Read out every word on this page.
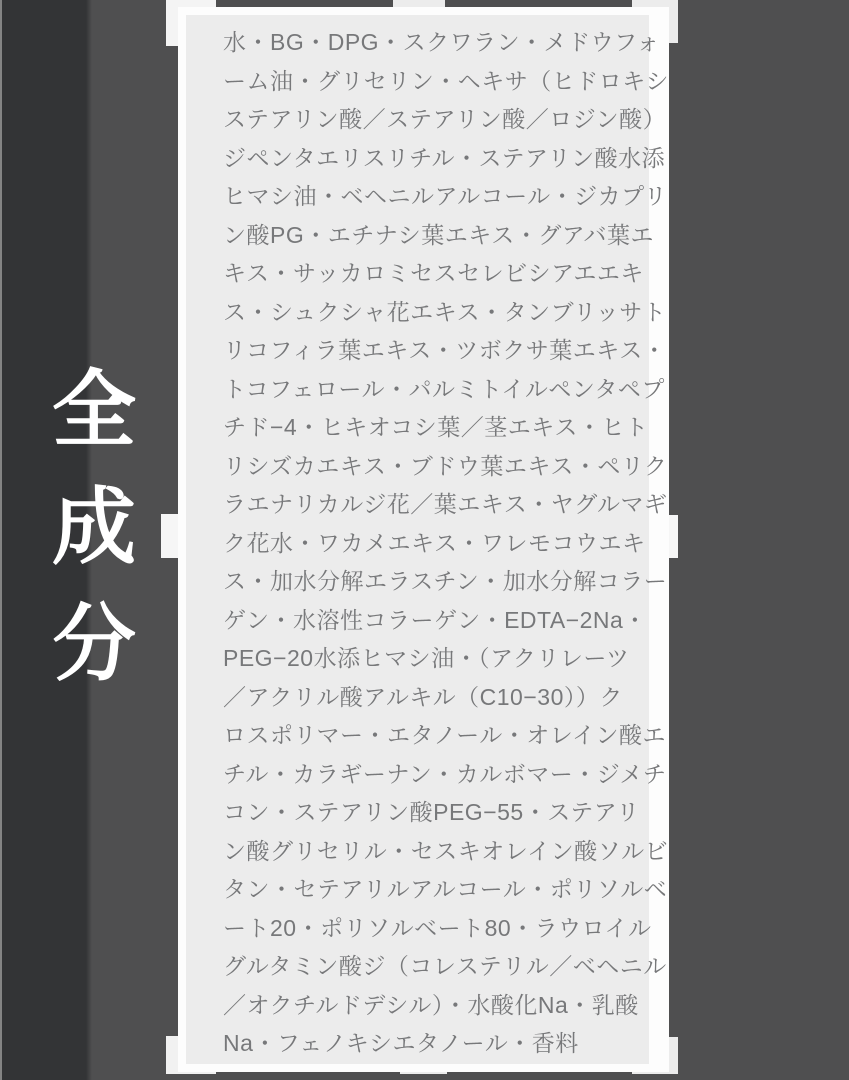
全
成
分
水・BG・DPG・スクワラン・メドウフォ
ーム油・グリセリン・ヘキサ（ヒドロキシ
ステアリン酸／ステアリン酸／ロジン酸）
ジペンタエリスリチル・ステアリン酸水添
ヒマシ油・ベヘニルアルコール・ジカプリ
ン酸PG・エチナシ葉エキス・グアバ葉エ
キス・サッカロミセスセレビシアエエキ
ス・シュクシャ花エキス・タンブリッサト
リコフィラ葉エキス・ツボクサ葉エキス・
トコフェロール・パルミトイルペンタペプ
チド−4・ヒキオコシ葉／茎エキス・ヒト
リシズカエキス・ブドウ葉エキス・ペリク
ラエナリカルジ花／葉エキス・ヤグルマギ
ク花水・ワカメエキス・ワレモコウエキ
ス・加水分解エラスチン・加水分解コラー
ゲン・水溶性コラーゲン・EDTA−2Na・
PEG−20水添ヒマシ油・（アクリレーツ
／アクリル酸アルキル（C10−30））ク
ロスポリマー・エタノール・オレイン酸エ
チル・カラギーナン・カルボマー・ジメチ
コン・ステアリン酸PEG−55・ステアリ
ン酸グリセリル・セスキオレイン酸ソルビ
タン・セテアリルアルコール・ポリソルベ
ート20・ポリソルベート80・ラウロイル
グルタミン酸ジ（コレステリル／ベヘニル
／オクチルドデシル）・水酸化Na・乳酸
Na・フェノキシエタノール・香料
